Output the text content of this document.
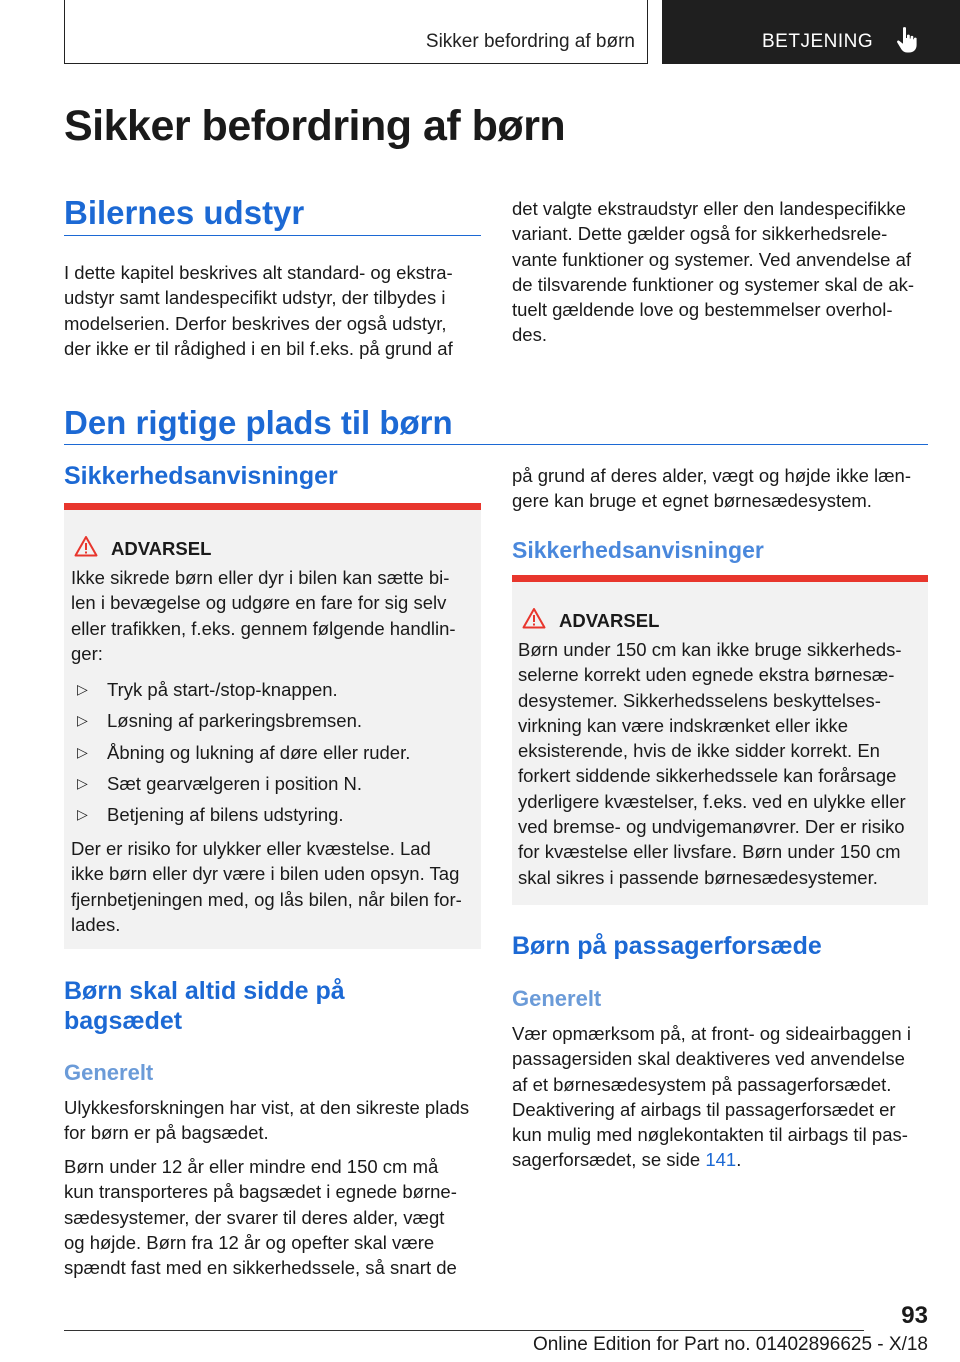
Sikker befordring af børn	BETJENING
Sikker befordring af børn
Bilernes udstyr
I dette kapitel beskrives alt standard- og ekstra-
udstyr samt landespecifikt udstyr, der tilbydes i
modelserien. Derfor beskrives der også udstyr,
der ikke er til rådighed i en bil f.eks. på grund af
det valgte ekstraudstyr eller den landespecifikke
variant. Dette gælder også for sikkerhedsrele-
vante funktioner og systemer. Ved anvendelse af
de tilsvarende funktioner og systemer skal de ak-
tuelt gældende love og bestemmelser overhol-
des.
Den rigtige plads til børn
Sikkerhedsanvisninger
ADVARSEL
Ikke sikrede børn eller dyr i bilen kan sætte bi-
len i bevægelse og udgøre en fare for sig selv
eller trafikken, f.eks. gennem følgende handlin-
ger:
▷ Tryk på start-/stop-knappen.
▷ Løsning af parkeringsbremsen.
▷ Åbning og lukning af døre eller ruder.
▷ Sæt gearvælgeren i position N.
▷ Betjening af bilens udstyring.
Der er risiko for ulykker eller kvæstelse. Lad
ikke børn eller dyr være i bilen uden opsyn. Tag
fjernbetjeningen med, og lås bilen, når bilen for-
lades.
Børn skal altid sidde på
bagsædet
Generelt
Ulykkesforskningen har vist, at den sikreste plads
for børn er på bagsædet.
Børn under 12 år eller mindre end 150 cm må
kun transporteres på bagsædet i egnede børne-
sædesystemer, der svarer til deres alder, vægt
og højde. Børn fra 12 år og opefter skal være
spændt fast med en sikkerhedssele, så snart de
på grund af deres alder, vægt og højde ikke læn-
gere kan bruge et egnet børnesædesystem.
Sikkerhedsanvisninger
ADVARSEL
Børn under 150 cm kan ikke bruge sikkerheds-
selerne korrekt uden egnede ekstra børnesæ-
desystemer. Sikkerhedsselens beskyttelses-
virkning kan være indskrænket eller ikke
eksisterende, hvis de ikke sidder korrekt. En
forkert siddende sikkerhedssele kan forårsage
yderligere kvæstelser, f.eks. ved en ulykke eller
ved bremse- og undvigemanøvrer. Der er risiko
for kvæstelse eller livsfare. Børn under 150 cm
skal sikres i passende børnesædesystemer.
Børn på passagerforsæde
Generelt
Vær opmærksom på, at front- og sideairbaggen i
passagersiden skal deaktiveres ved anvendelse
af et børnesædesystem på passagerforsædet.
Deaktivering af airbags til passagerforsædet er
kun mulig med nøglekontakten til airbags til pas-
sagerforsædet, se side 141.
93
Online Edition for Part no. 01402896625 - X/18
